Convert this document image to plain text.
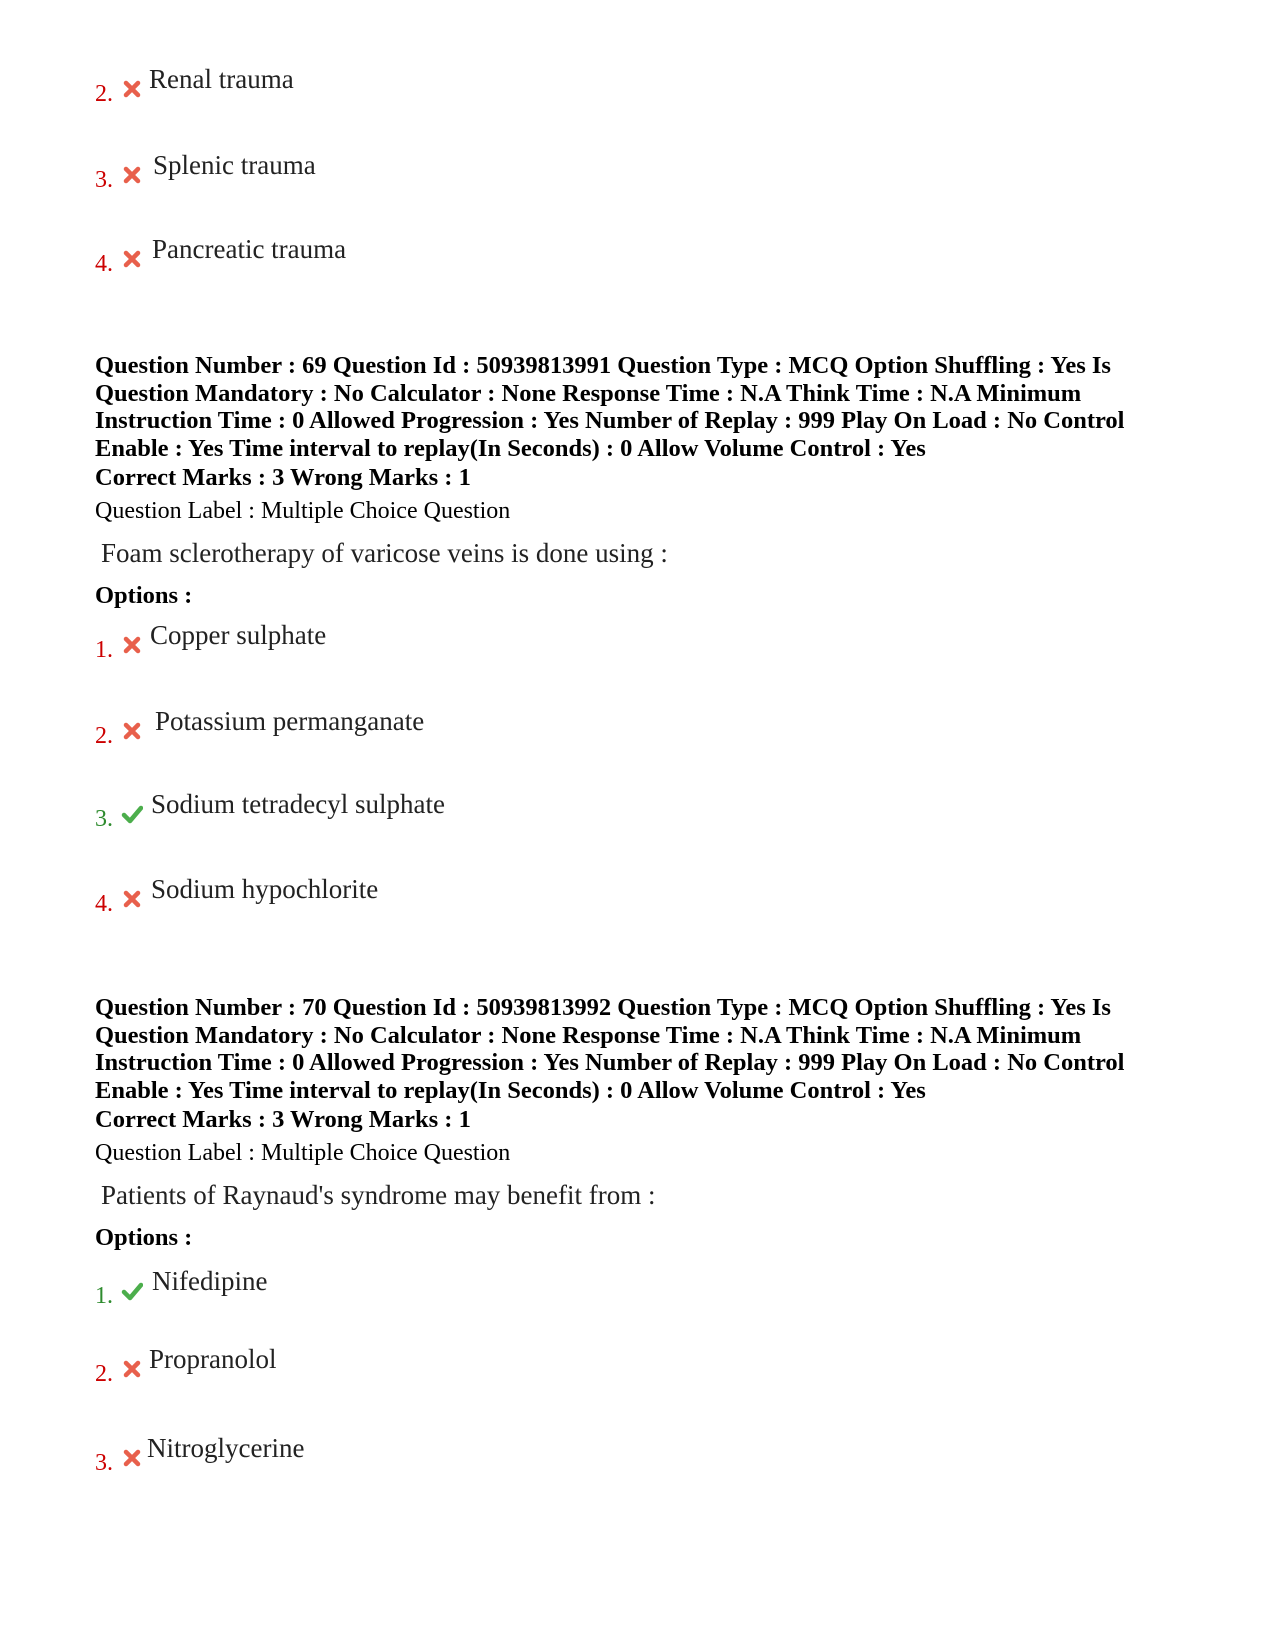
2. Renal trauma
3. Splenic trauma
4. Pancreatic trauma

Question Number : 69 Question Id : 50939813991 Question Type : MCQ Option Shuffling : Yes Is Question Mandatory : No Calculator : None Response Time : N.A Think Time : N.A Minimum Instruction Time : 0 Allowed Progression : Yes Number of Replay : 999 Play On Load : No Control Enable : Yes Time interval to replay(In Seconds) : 0 Allow Volume Control : Yes

Correct Marks : 3 Wrong Marks : 1
Question Label : Multiple Choice Question
Foam sclerotherapy of varicose veins is done using :
Options :
1. Copper sulphate
2. Potassium permanganate
3. Sodium tetradecyl sulphate
4. Sodium hypochlorite

Question Number : 70 Question Id : 50939813992 Question Type : MCQ Option Shuffling : Yes Is Question Mandatory : No Calculator : None Response Time : N.A Think Time : N.A Minimum Instruction Time : 0 Allowed Progression : Yes Number of Replay : 999 Play On Load : No Control Enable : Yes Time interval to replay(In Seconds) : 0 Allow Volume Control : Yes

Correct Marks : 3 Wrong Marks : 1
Question Label : Multiple Choice Question
Patients of Raynaud's syndrome may benefit from :
Options :
1. Nifedipine
2. Propranolol
3. Nitroglycerine
